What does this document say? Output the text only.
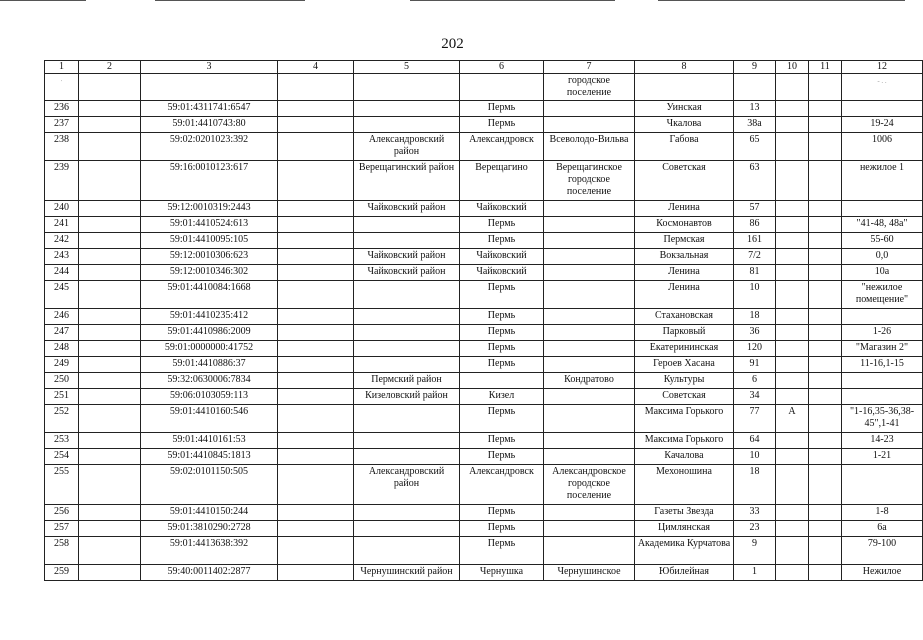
202
1	2	3	4	5	6	7	8	9	10	11	12
∙						городское поселение					- . .
236		59:01:4311741:6547			Пермь		Уинская	13			
237		59:01:4410743:80			Пермь		Чкалова	38а			19-24
238		59:02:0201023:392		Александровский район	Александровск	Всеволодо-Вильва	Габова	65			1006
239		59:16:0010123:617		Верещагинский район	Верещагино	Верещагинское городское поселение	Советская	63			нежилое 1
240		59:12:0010319:2443		Чайковский район	Чайковский		Ленина	57			
241		59:01:4410524:613			Пермь		Космонавтов	86			"41-48, 48а"
242		59:01:4410095:105			Пермь		Пермская	161			55-60
243		59:12:0010306:623		Чайковский район	Чайковский		Вокзальная	7/2			0,0
244		59:12:0010346:302		Чайковский район	Чайковский		Ленина	81			10а
245		59:01:4410084:1668			Пермь		Ленина	10			"нежилое помещение"
246		59:01:4410235:412			Пермь		Стахановская	18			
247		59:01:4410986:2009			Пермь		Парковый	36			1-26
248		59:01:0000000:41752			Пермь		Екатерининская	120			"Магазин 2"
249		59:01:4410886:37			Пермь		Героев Хасана	91			11-16,1-15
250		59:32:0630006:7834		Пермский район		Кондратово	Культуры	6			
251		59:06:0103059:113		Кизеловский район	Кизел		Советская	34			
252		59:01:4410160:546			Пермь		Максима Горького	77	А		"1-16,35-36,38-45",1-41
253		59:01:4410161:53			Пермь		Максима Горького	64			14-23
254		59:01:4410845:1813			Пермь		Качалова	10			1-21
255		59:02:0101150:505		Александровский район	Александровск	Александровское городское поселение	Мехоношина	18			
256		59:01:4410150:244			Пермь		Газеты Звезда	33			1-8
257		59:01:3810290:2728			Пермь		Цимлянская	23			6а
258		59:01:4413638:392			Пермь		Академика Курчатова	9			79-100
259		59:40:0011402:2877		Чернушинский район	Чернушка	Чернушинское	Юбилейная	1			Нежилое
